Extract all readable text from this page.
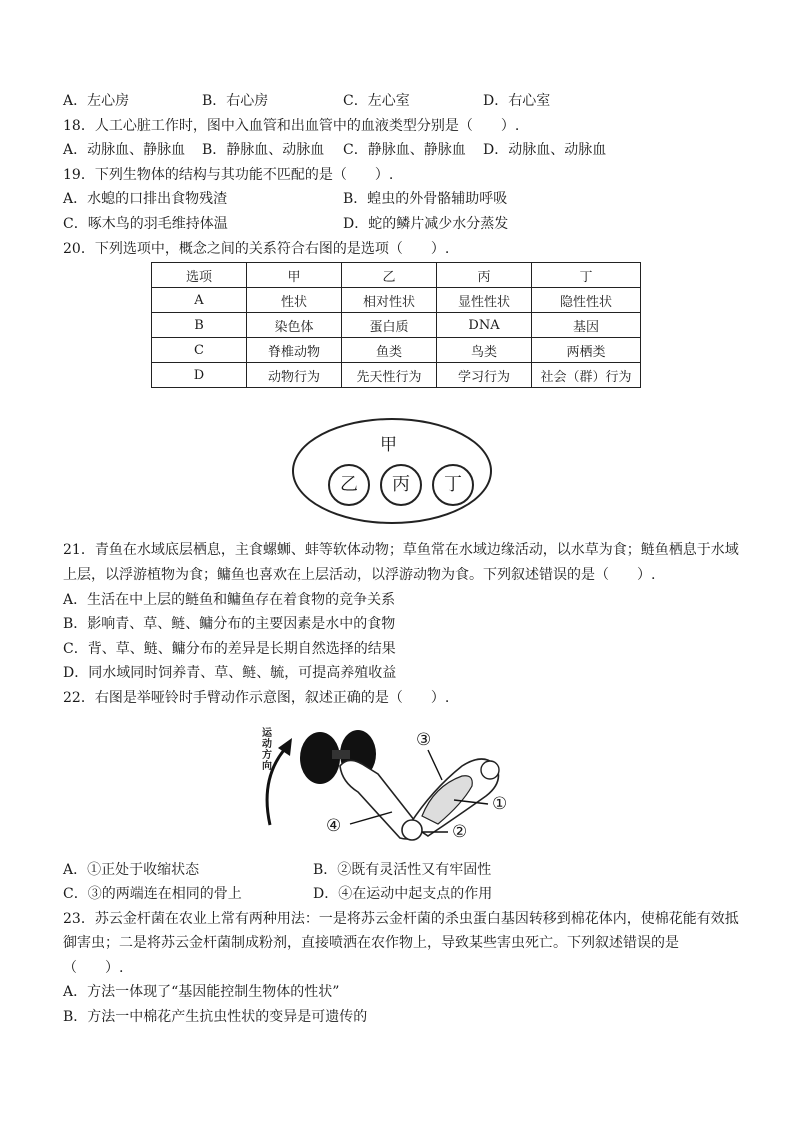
A．左心房	B．右心房	C．左心室	D．右心室
18．人工心脏工作时，图中入血管和出血管中的血液类型分别是（　　）.
A．动脉血、静脉血 B．静脉血、动脉血 C．静脉血、静脉血 D．动脉血、动脉血
19．下列生物体的结构与其功能不匹配的是（　　）.
A．水螅的口排出食物残渣	B．蝗虫的外骨骼辅助呼吸
C．啄木鸟的羽毛维持体温	D．蛇的鳞片减少水分蒸发
20．下列选项中，概念之间的关系符合右图的是选项（　　）.
选项	甲	乙	丙	丁
A	性状	相对性状	显性性状	隐性性状
B	染色体	蛋白质	DNA	基因
C	脊椎动物	鱼类	鸟类	两栖类
D	动物行为	先天性行为	学习行为	社会（群）行为
甲
乙	丙	丁
21．青鱼在水域底层栖息，主食螺蛳、蚌等软体动物；草鱼常在水域边缘活动，以水草为食；鲢鱼栖息于水域
上层，以浮游植物为食；鳙鱼也喜欢在上层活动，以浮游动物为食。下列叙述错误的是（　　）.
A．生活在中上层的鲢鱼和鳙鱼存在着食物的竞争关系
B．影响青、草、鲢、鳙分布的主要因素是水中的食物
C．背、草、鲢、鳙分布的差异是长期自然选择的结果
D．同水域同时饲养青、草、鲢、毓，可提高养殖收益
22．右图是举哑铃时手臂动作示意图，叙述正确的是（　　）.
运动方向
①
②
③
④
A．①正处于收缩状态	B．②既有灵活性又有牢固性
C．③的两端连在相同的骨上	D．④在运动中起支点的作用
23．苏云金杆菌在农业上常有两种用法：一是将苏云金杆菌的杀虫蛋白基因转移到棉花体内，使棉花能有效抵
御害虫；二是将苏云金杆菌制成粉剂，直接喷洒在农作物上，导致某些害虫死亡。下列叙述错误的是
（　　）.
A．方法一体现了“基因能控制生物体的性状”
B．方法一中棉花产生抗虫性状的变异是可遗传的
